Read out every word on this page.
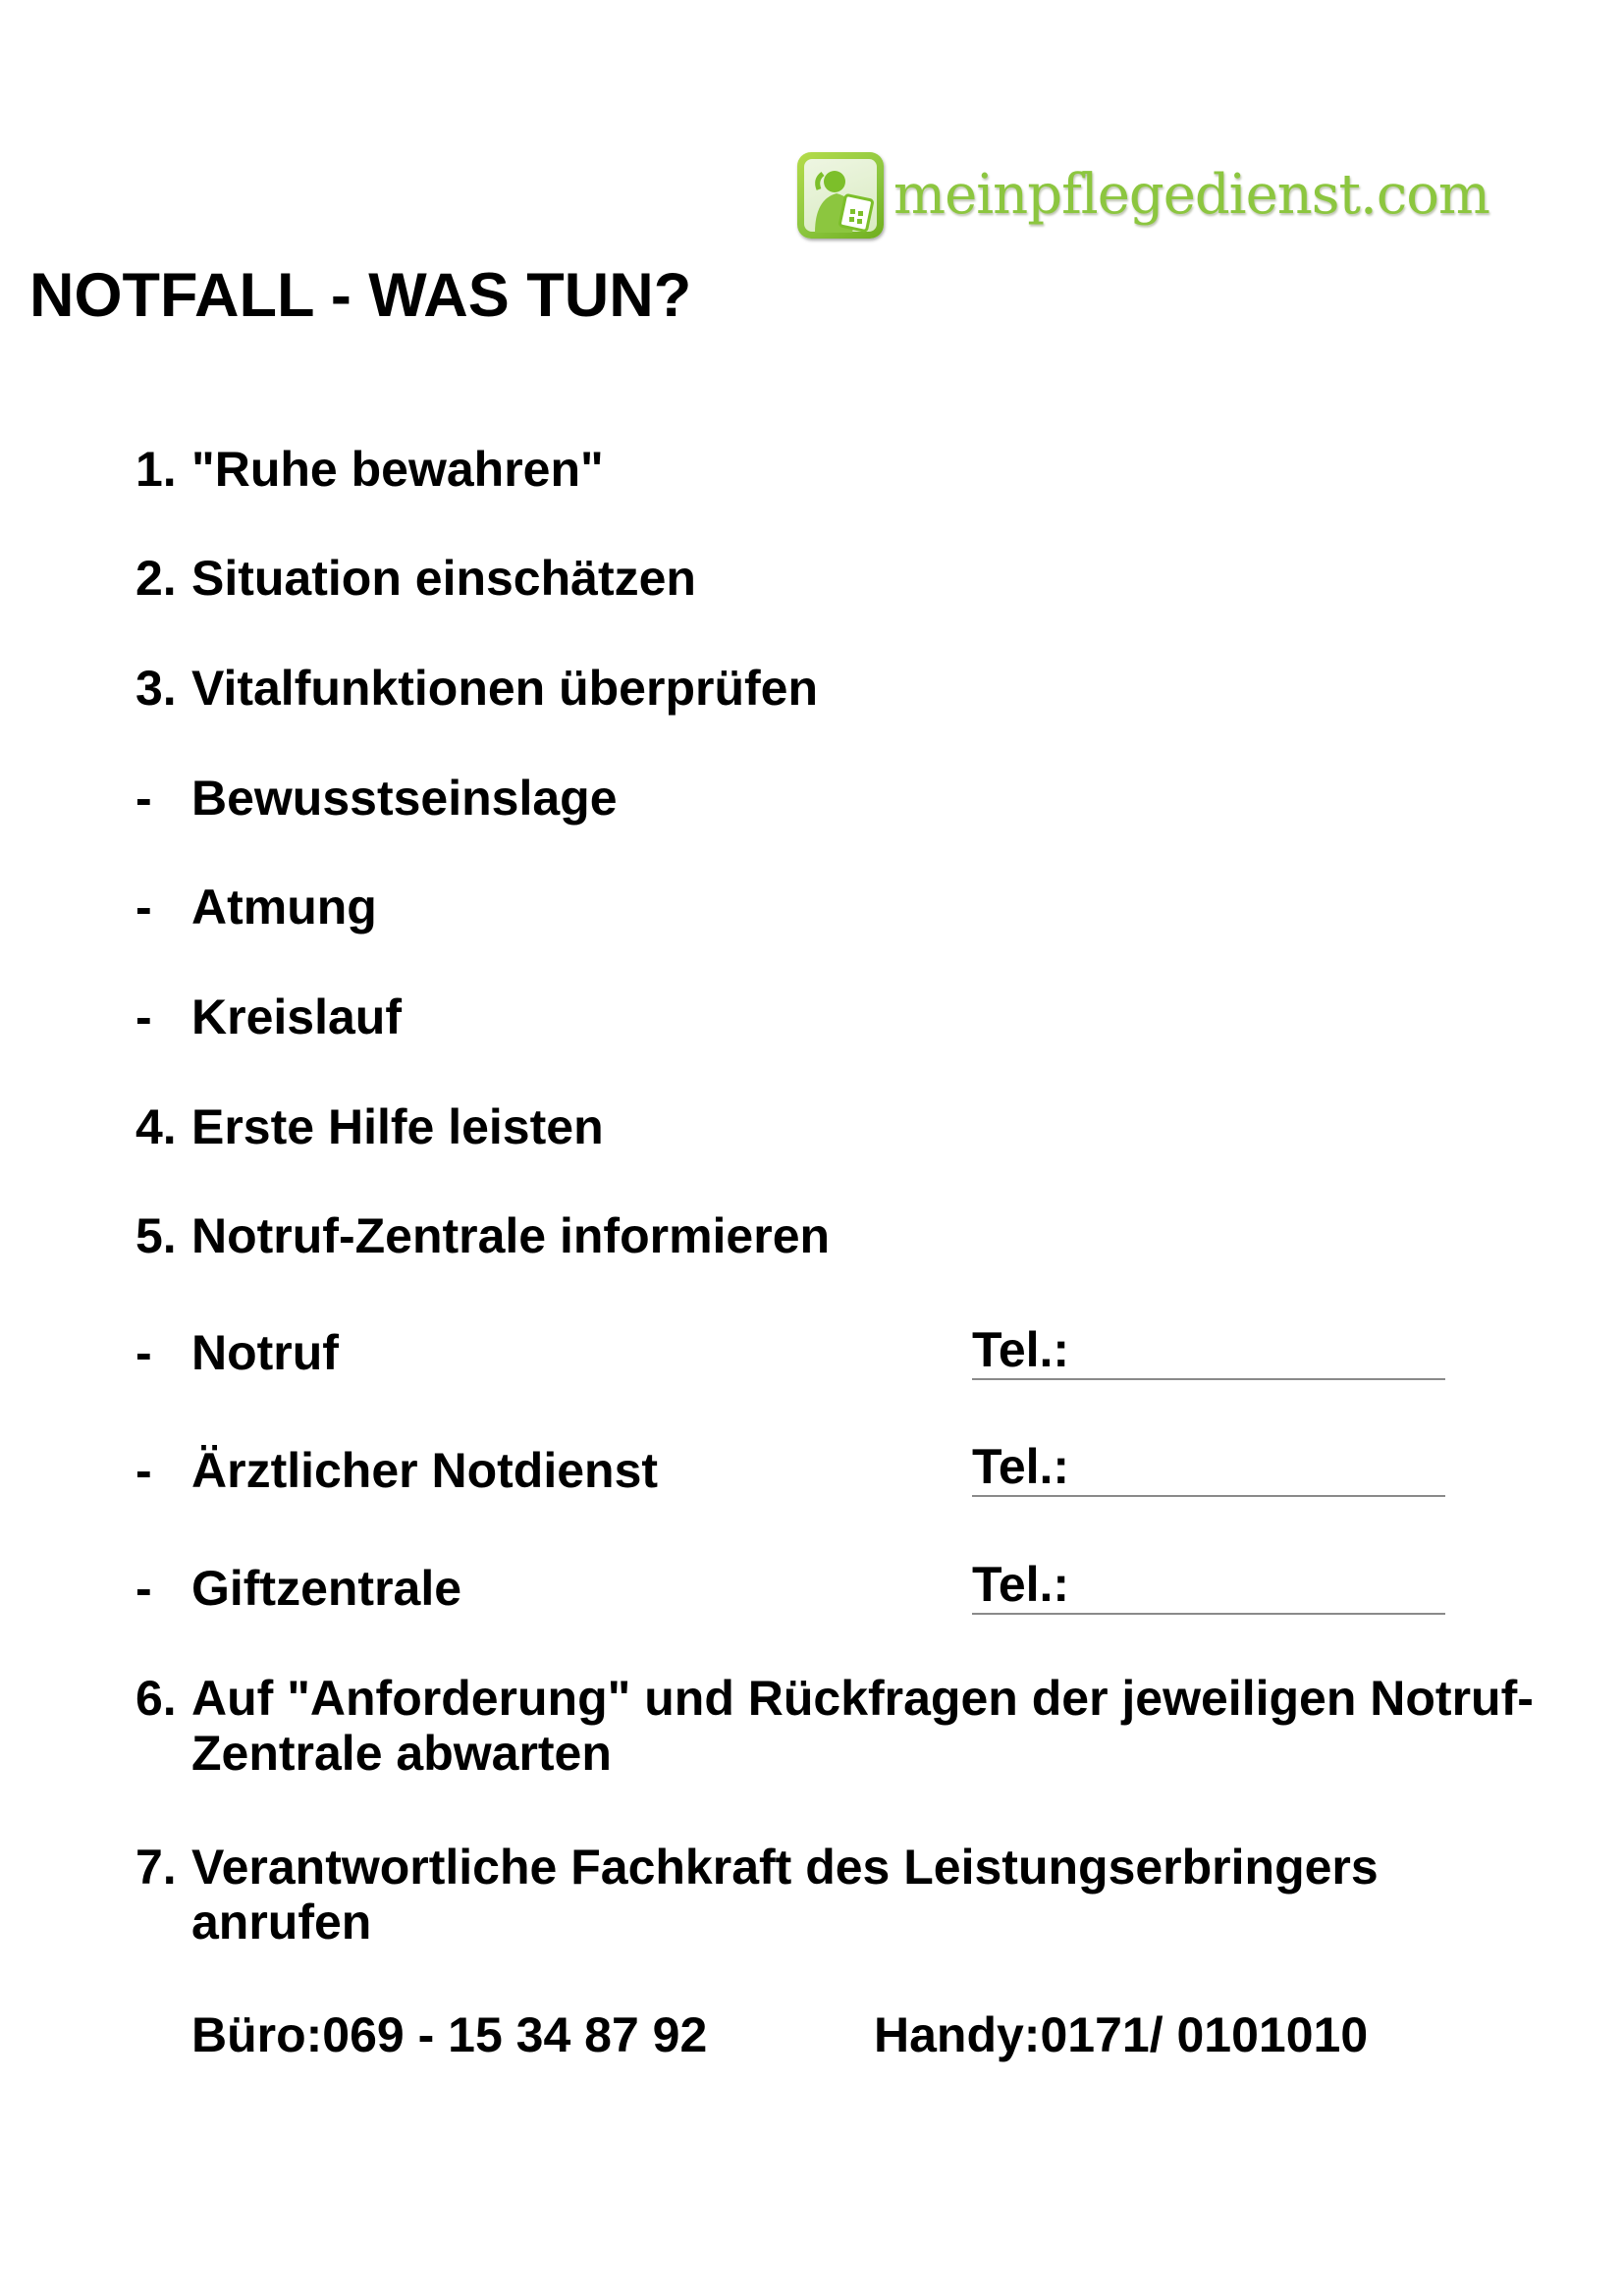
meinpflegedienst.com
NOTFALL - WAS TUN?
1. "Ruhe bewahren"
2. Situation einschätzen
3. Vitalfunktionen überprüfen
- Bewusstseinslage
- Atmung
- Kreislauf
4. Erste Hilfe leisten
5. Notruf-Zentrale informieren
- Notruf	Tel.:
- Ärztlicher Notdienst	Tel.:
- Giftzentrale	Tel.:
6. Auf "Anforderung" und Rückfragen der jeweiligen Notruf-Zentrale abwarten
7. Verantwortliche Fachkraft des Leistungserbringers anrufen
Büro:069 - 15 34 87 92	Handy:0171/ 0101010
